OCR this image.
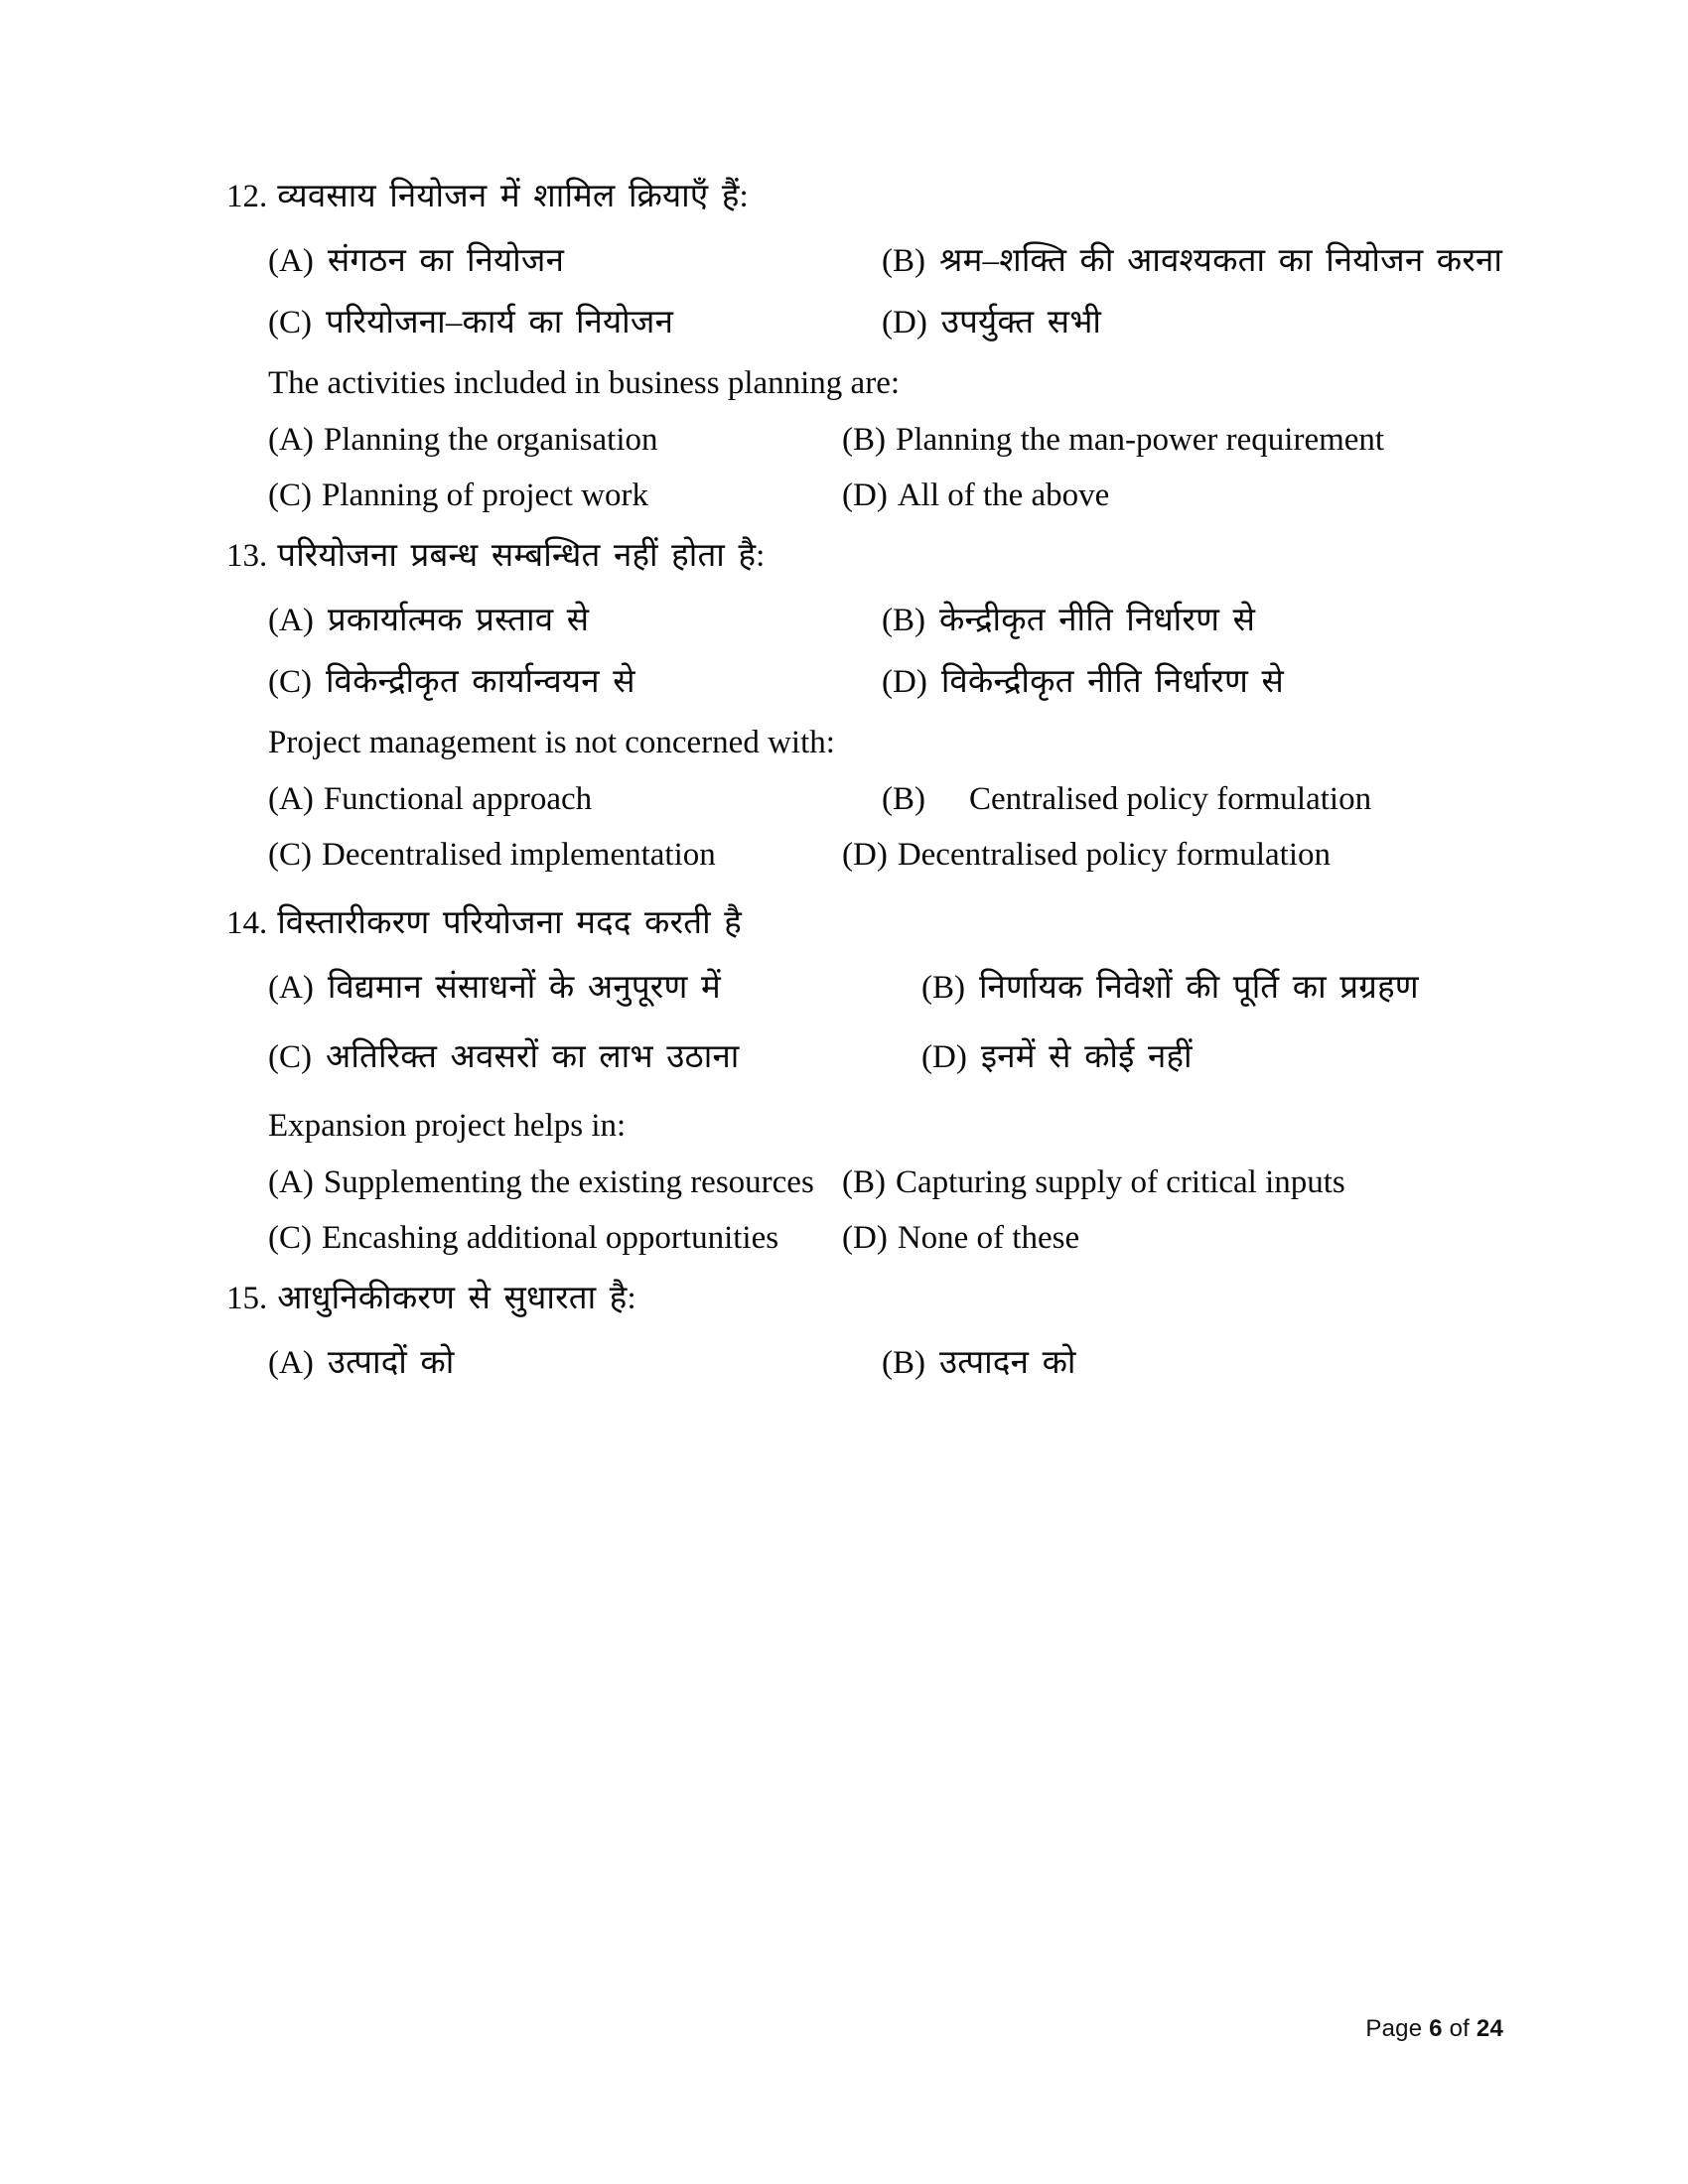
12. व्यवसाय नियोजन में शामिल क्रियाएँ हैं:
(A) संगठन का नियोजन	(B) श्रम–शक्ति की आवश्यकता का नियोजन करना
(C) परियोजना–कार्य का नियोजन	(D) उपर्युक्त सभी
The activities included in business planning are:
(A) Planning the organisation	(B) Planning the man-power requirement
(C) Planning of project work	(D) All of the above
13. परियोजना प्रबन्ध सम्बन्धित नहीं होता है:
(A) प्रकार्यात्मक प्रस्ताव से	(B) केन्द्रीकृत नीति निर्धारण से
(C) विकेन्द्रीकृत कार्यान्वयन से	(D) विकेन्द्रीकृत नीति निर्धारण से
Project management is not concerned with:
(A) Functional approach	(B)	Centralised policy formulation
(C) Decentralised implementation	(D) Decentralised policy formulation
14. विस्तारीकरण परियोजना मदद करती है
(A) विद्यमान संसाधनों के अनुपूरण में	(B) निर्णायक निवेशों की पूर्ति का प्रग्रहण
(C) अतिरिक्त अवसरों का लाभ उठाना	(D) इनमें से कोई नहीं
Expansion project helps in:
(A) Supplementing the existing resources (B) Capturing supply of critical inputs
(C) Encashing additional opportunities	(D) None of these
15. आधुनिकीकरण से सुधारता है:
(A) उत्पादों को	(B) उत्पादन को
Page 6 of 24
